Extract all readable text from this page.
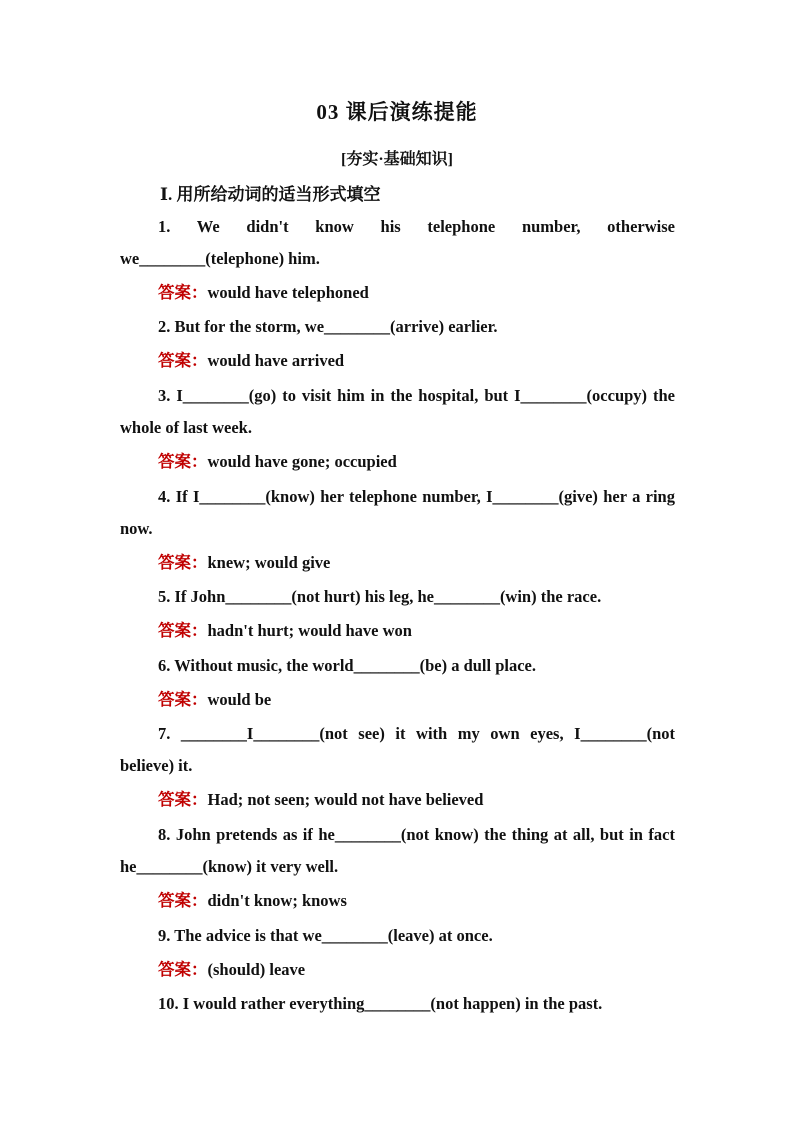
03 课后演练提能
[夯实·基础知识]
Ⅰ. 用所给动词的适当形式填空
1. We didn't know his telephone number, otherwise we________(telephone) him.
答案：would have telephoned
2. But for the storm, we________(arrive) earlier.
答案：would have arrived
3. I________(go) to visit him in the hospital, but I________(occupy) the whole of last week.
答案：would have gone; occupied
4. If I________(know) her telephone number, I________(give) her a ring now.
答案：knew; would give
5. If John________(not hurt) his leg, he________(win) the race.
答案：hadn't hurt; would have won
6. Without music, the world________(be) a dull place.
答案：would be
7. ________I________(not see) it with my own eyes, I________(not believe) it.
答案：Had; not seen; would not have believed
8. John pretends as if he________(not know) the thing at all, but in fact he________(know) it very well.
答案：didn't know; knows
9. The advice is that we________(leave) at once.
答案：(should) leave
10. I would rather everything________(not happen) in the past.
